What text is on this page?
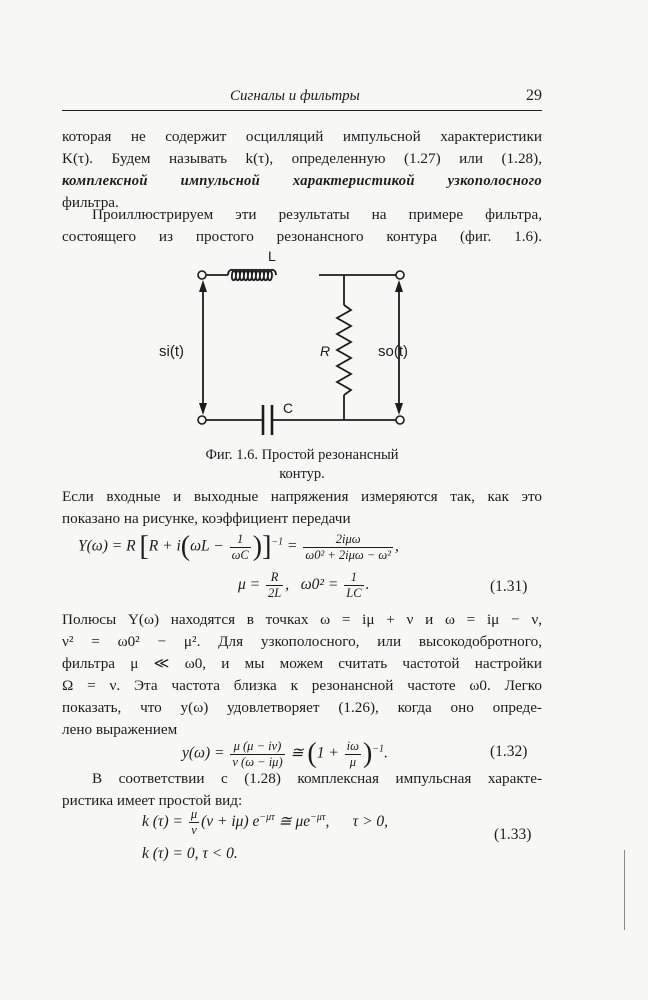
Сигналы и фильтры	29
которая не содержит осцилляций импульсной характеристики
K(τ). Будем называть k(τ), определенную (1.27) или (1.28),
комплексной импульсной характеристикой узкополосного
фильтра.
Проиллюстрируем эти результаты на примере фильтра,
состоящего из простого резонансного контура (фиг. 1.6).
L
R
C
si(t)	so(t)
Фиг. 1.6. Простой резонансный
контур.
Если входные и выходные напряжения измеряются так, как это
показано на рисунке, коэффициент передачи
Y(ω) = R $[R + i(\omega L - \frac{1}{\omega C} )]^{-1} = \frac{\text{2iμω}}{\text{ω0² + 2iμω − ω²}}$ ,
$\mu = \frac{R}{2L}$ ,   $\omega 0^2 = \frac{1}{LC}$ .	(1.31)
Полюсы Y(ω) находятся в точках ω = iμ + ν и ω = iμ − ν,
ν² = ω0² − μ². Для узкополосного, или высокодобротного,
фильтра μ ≪ ω0, и мы можем считать частотой настройки
Ω = ν. Эта частота близка к резонансной частоте ω0. Легко
показать, что y(ω) удовлетворяет (1.26), когда оно опреде-
лено выражением
$y(\omega) = \frac{\mu (\mu - i\nu)}{\nu (\omega - i\mu)}$ ≅ $(1 + \frac{i\omega}{\mu} )^{-1}$.	(1.32)
В соответствии с (1.28) комплексная импульсная характе-
ристика имеет простой вид:
k $(\tau) = \frac{\mu}{\nu} (\nu + i\mu)$ $e^{-\mu\tau}$ ≅ $\mu e^{-\mu\tau}$,      τ > 0,
k (τ) = 0, τ < 0.
(1.33)
